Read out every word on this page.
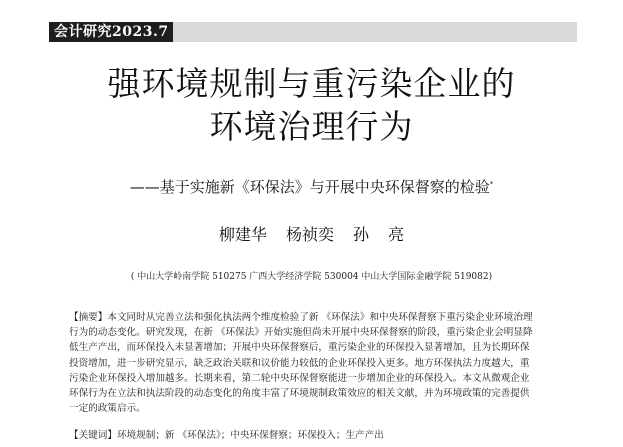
会计研究2023.7
强环境规制与重污染企业的
环境治理行为
——基于实施新《环保法》与开展中央环保督察的检验*
柳建华 杨祯奕 孙 亮
( 中山大学岭南学院 510275 广西大学经济学院 530004 中山大学国际金融学院 519082)
【摘要】本文同时从完善立法和强化执法两个维度检验了新 《环保法》和中央环保督察下重污染企业环境治理
行为的动态变化。研究发现，在新 《环保法》开始实施但尚未开展中央环保督察的阶段，重污染企业会明显降
低生产产出，而环保投入未显著增加；开展中央环保督察后，重污染企业的环保投入显著增加，且为长期环保
投资增加，进一步研究显示，缺乏政治关联和议价能力较低的企业环保投入更多。地方环保执法力度越大，重
污染企业环保投入增加越多。长期来看，第二轮中央环保督察能进一步增加企业的环保投入。本文从微观企业
环保行为在立法和执法阶段的动态变化的角度丰富了环境规制政策效应的相关文献，并为环境政策的完善提供
一定的政策启示。
【关键词】环境规制；新 《环保法》；中央环保督察；环保投入；生产产出
